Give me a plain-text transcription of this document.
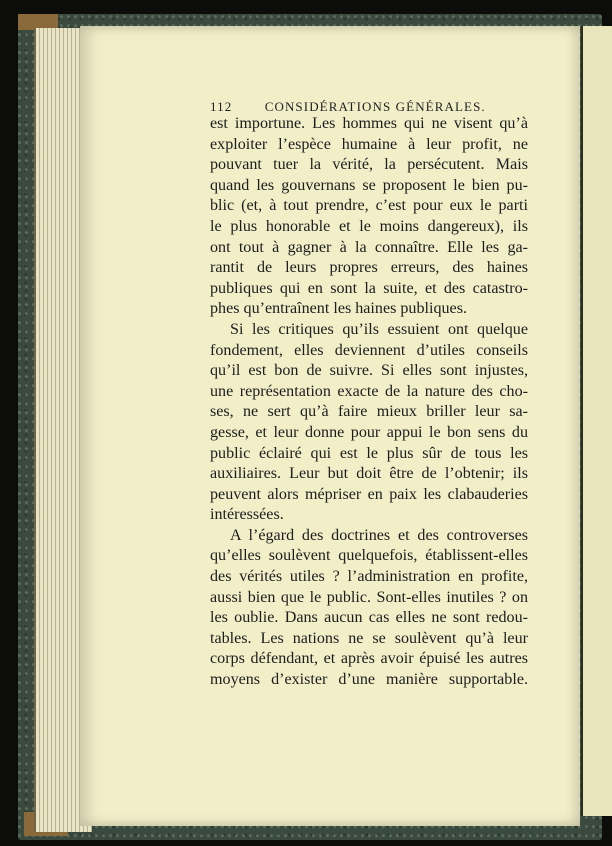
112 CONSIDÉRATIONS GÉNÉRALES.
est importune. Les hommes qui ne visent qu’à
exploiter l’espèce humaine à leur profit, ne
pouvant tuer la vérité, la persécutent. Mais
quand les gouvernans se proposent le bien pu-
blic (et, à tout prendre, c’est pour eux le parti
le plus honorable et le moins dangereux), ils
ont tout à gagner à la connaître. Elle les ga-
rantit de leurs propres erreurs, des haines
publiques qui en sont la suite, et des catastro-
phes qu’entraînent les haines publiques.
Si les critiques qu’ils essuient ont quelque
fondement, elles deviennent d’utiles conseils
qu’il est bon de suivre. Si elles sont injustes,
une représentation exacte de la nature des cho-
ses, ne sert qu’à faire mieux briller leur sa-
gesse, et leur donne pour appui le bon sens du
public éclairé qui est le plus sûr de tous les
auxiliaires. Leur but doit être de l’obtenir; ils
peuvent alors mépriser en paix les clabauderies
intéressées.
A l’égard des doctrines et des controverses
qu’elles soulèvent quelquefois, établissent-elles
des vérités utiles ? l’administration en profite,
aussi bien que le public. Sont-elles inutiles ? on
les oublie. Dans aucun cas elles ne sont redou-
tables. Les nations ne se soulèvent qu’à leur
corps défendant, et après avoir épuisé les autres
moyens d’exister d’une manière supportable.
